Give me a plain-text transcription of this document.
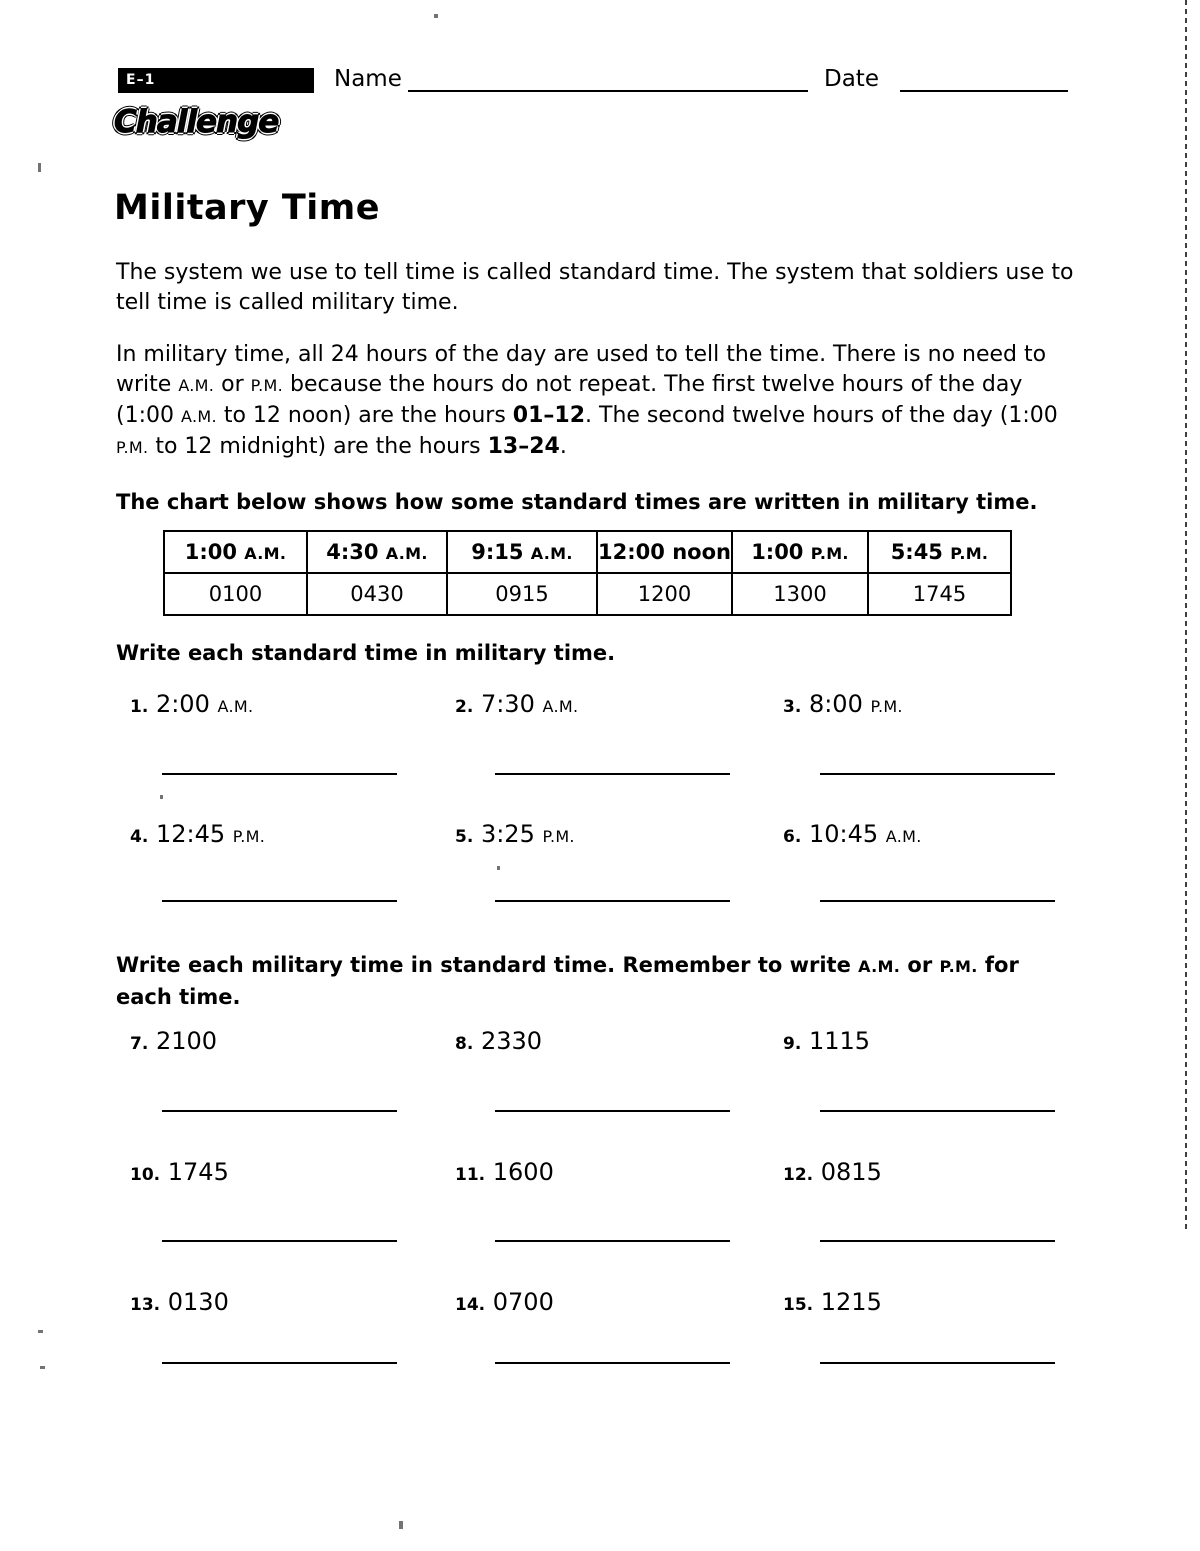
E–1	Name	Date
Challenge
Military Time
The system we use to tell time is called standard time. The system that soldiers use to tell time is called military time.
In military time, all 24 hours of the day are used to tell the time. There is no need to write A.M. or P.M. because the hours do not repeat. The first twelve hours of the day (1:00 A.M. to 12 noon) are the hours 01–12. The second twelve hours of the day (1:00 P.M. to 12 midnight) are the hours 13–24.
The chart below shows how some standard times are written in military time.
1:00 A.M.	4:30 A.M.	9:15 A.M.	12:00 noon	1:00 P.M.	5:45 P.M.
0100	0430	0915	1200	1300	1745
Write each standard time in military time.
1. 2:00 A.M.	2. 7:30 A.M.	3. 8:00 P.M.
4. 12:45 P.M.	5. 3:25 P.M.	6. 10:45 A.M.
Write each military time in standard time. Remember to write A.M. or P.M. for each time.
7. 2100	8. 2330	9. 1115
10. 1745	11. 1600	12. 0815
13. 0130	14. 0700	15. 1215
